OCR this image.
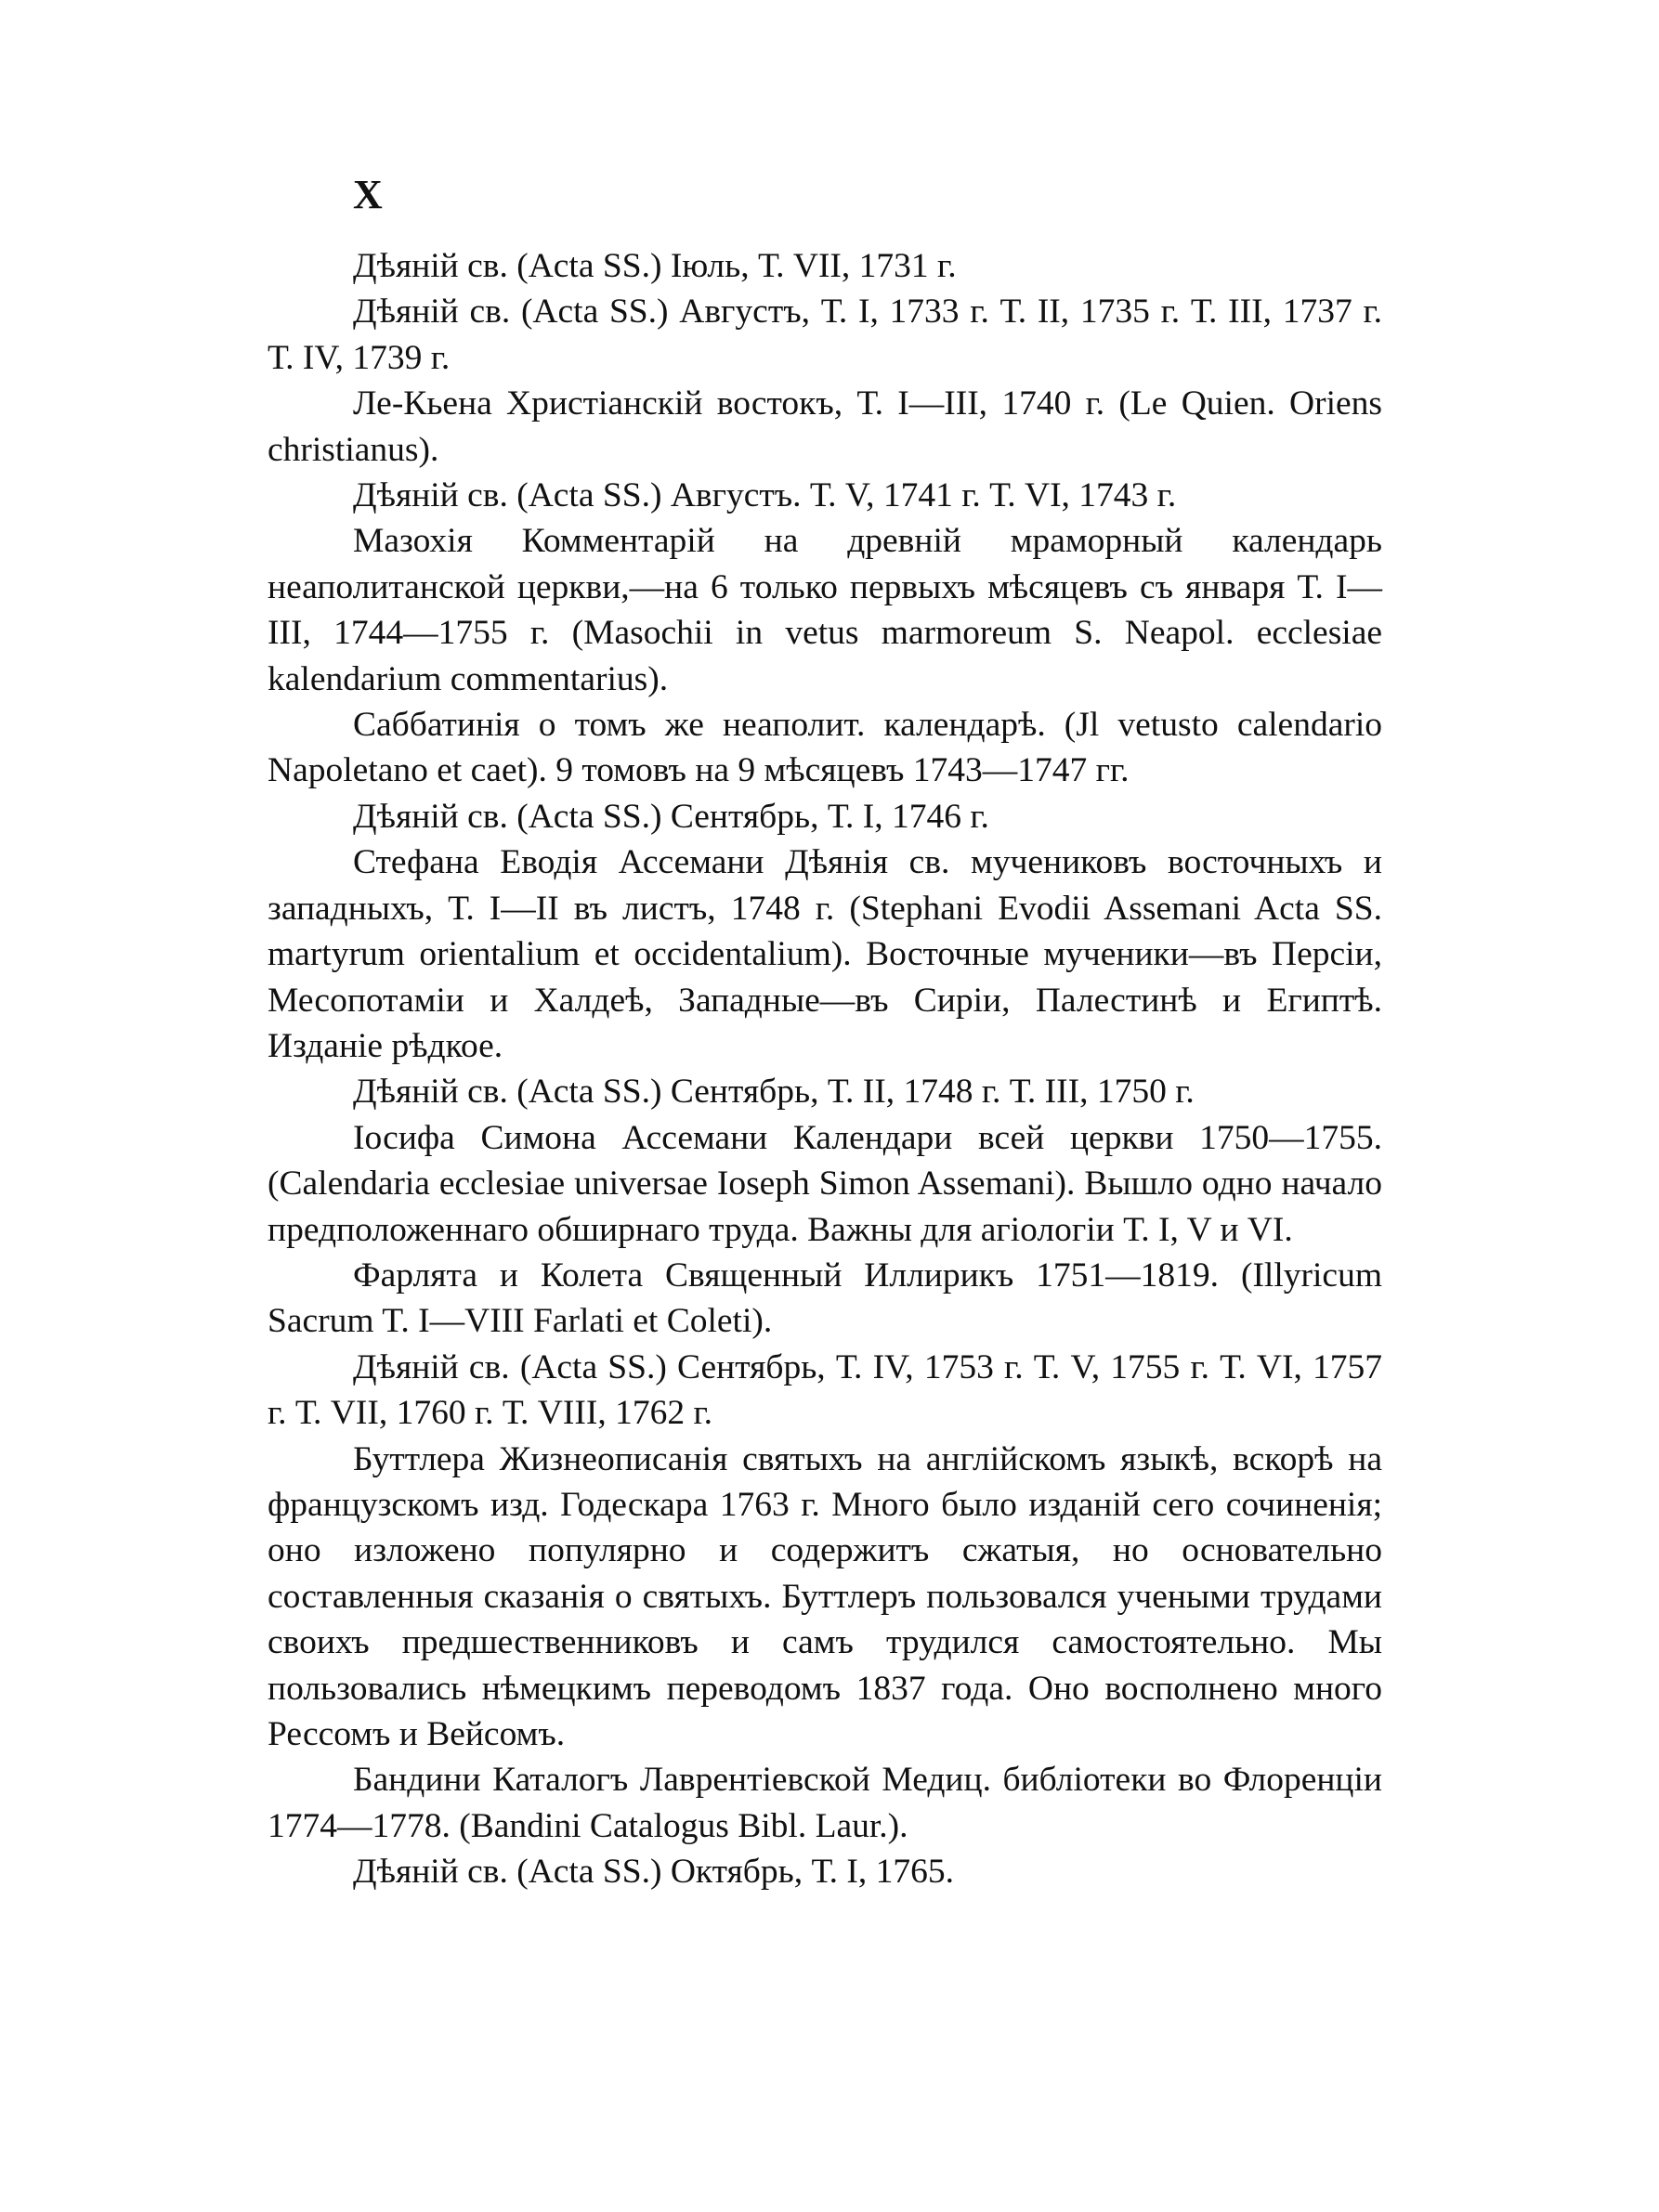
X

Дѣяній св. (Acta SS.) Іюль, Т. VII, 1731 г.

Дѣяній св. (Acta SS.) Августъ, Т. I, 1733 г. Т. II, 1735 г. Т. III, 1737 г. Т. IV, 1739 г.

Ле-Кьена Христіанскій востокъ, Т. I—III, 1740 г. (Le Quien. Oriens christianus).

Дѣяній св. (Acta SS.) Августъ. Т. V, 1741 г. Т. VI, 1743 г.

Мазохія Комментарій на древній мраморный календарь неаполитанской церкви,—на 6 только первыхъ мѣсяцевъ съ января Т. I—III, 1744—1755 г. (Masochii in vetus marmoreum S. Neapol. ecclesiae kalendarium commentarius).

Саббатинія о томъ же неаполит. календарѣ. (Jl vetusto calendario Napoletano et caet). 9 томовъ на 9 мѣсяцевъ 1743—1747 гг.

Дѣяній св. (Acta SS.) Сентябрь, Т. I, 1746 г.

Стефана Еводія Ассемани Дѣянія св. мучениковъ восточныхъ и западныхъ, Т. I—II въ листъ, 1748 г. (Stephani Evodii Assemani Acta SS. martyrum orientalium et occidentalium). Восточные мученики—въ Персіи, Месопотаміи и Халдеѣ, Западные—въ Сиріи, Палестинѣ и Египтѣ. Изданіе рѣдкое.

Дѣяній св. (Acta SS.) Сентябрь, Т. II, 1748 г. Т. III, 1750 г.

Іосифа Симона Ассемани Календари всей церкви 1750—1755. (Calendaria ecclesiae universae Ioseph Simon Assemani). Вышло одно начало предположеннаго обширнаго труда. Важны для агіологіи Т. I, V и VI.

Фарлята и Колета Священный Иллирикъ 1751—1819. (Illyricum Sacrum T. I—VIII Farlati et Coleti).

Дѣяній св. (Acta SS.) Сентябрь, Т. IV, 1753 г. Т. V, 1755 г. Т. VI, 1757 г. Т. VII, 1760 г. Т. VIII, 1762 г.

Буттлера Жизнеописанія святыхъ на англійскомъ языкѣ, вскорѣ на французскомъ изд. Годескара 1763 г. Много было изданій сего сочиненія; оно изложено популярно и содержитъ сжатыя, но основательно составленныя сказанія о святыхъ. Буттлеръ пользовался учеными трудами своихъ предшественниковъ и самъ трудился самостоятельно. Мы пользовались нѣмецкимъ переводомъ 1837 года. Оно восполнено много Рессомъ и Вейсомъ.

Бандини Каталогъ Лаврентіевской Медиц. библіотеки во Флоренціи 1774—1778. (Bandini Catalogus Bibl. Laur.).

Дѣяній св. (Acta SS.) Октябрь, Т. I, 1765.
